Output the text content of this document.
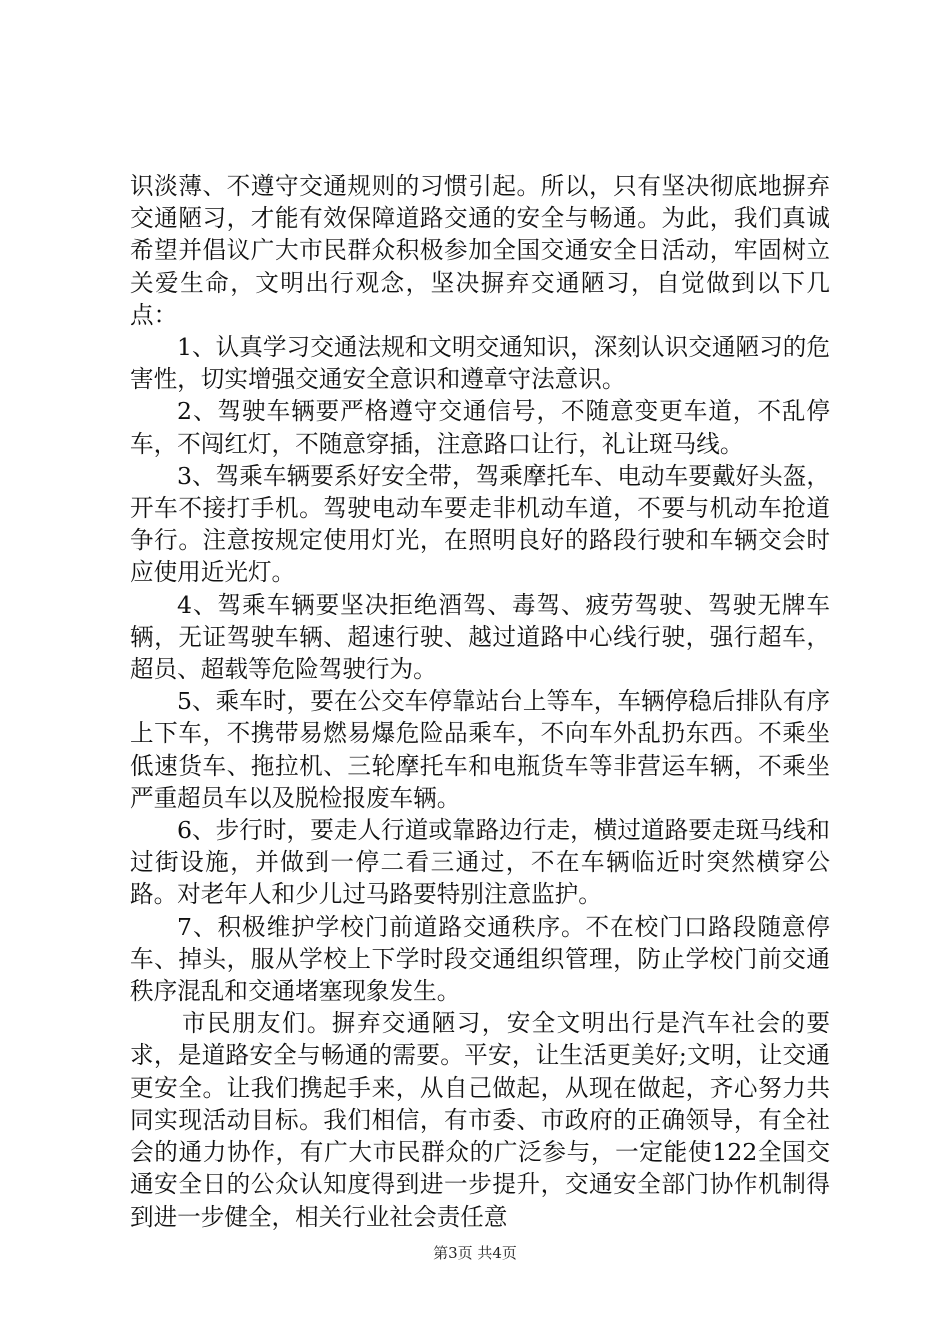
识淡薄、不遵守交通规则的习惯引起。所以，只有坚决彻底地摒弃交通陋习，才能有效保障道路交通的安全与畅通。为此，我们真诚希望并倡议广大市民群众积极参加全国交通安全日活动，牢固树立关爱生命，文明出行观念，坚决摒弃交通陋习，自觉做到以下几点：

1、认真学习交通法规和文明交通知识，深刻认识交通陋习的危害性，切实增强交通安全意识和遵章守法意识。

2、驾驶车辆要严格遵守交通信号，不随意变更车道，不乱停车，不闯红灯，不随意穿插，注意路口让行，礼让斑马线。

3、驾乘车辆要系好安全带，驾乘摩托车、电动车要戴好头盔，开车不接打手机。驾驶电动车要走非机动车道，不要与机动车抢道争行。注意按规定使用灯光，在照明良好的路段行驶和车辆交会时应使用近光灯。

4、驾乘车辆要坚决拒绝酒驾、毒驾、疲劳驾驶、驾驶无牌车辆，无证驾驶车辆、超速行驶、越过道路中心线行驶，强行超车，超员、超载等危险驾驶行为。

5、乘车时，要在公交车停靠站台上等车，车辆停稳后排队有序上下车，不携带易燃易爆危险品乘车，不向车外乱扔东西。不乘坐低速货车、拖拉机、三轮摩托车和电瓶货车等非营运车辆，不乘坐严重超员车以及脱检报废车辆。

6、步行时，要走人行道或靠路边行走，横过道路要走斑马线和过街设施，并做到一停二看三通过，不在车辆临近时突然横穿公路。对老年人和少儿过马路要特别注意监护。

7、积极维护学校门前道路交通秩序。不在校门口路段随意停车、掉头，服从学校上下学时段交通组织管理，防止学校门前交通秩序混乱和交通堵塞现象发生。

市民朋友们。摒弃交通陋习，安全文明出行是汽车社会的要求，是道路安全与畅通的需要。平安，让生活更美好;文明，让交通更安全。让我们携起手来，从自己做起，从现在做起，齐心努力共同实现活动目标。我们相信，有市委、市政府的正确领导，有全社会的通力协作，有广大市民群众的广泛参与，一定能使122全国交通安全日的公众认知度得到进一步提升，交通安全部门协作机制得到进一步健全，相关行业社会责任意

第3页 共4页
